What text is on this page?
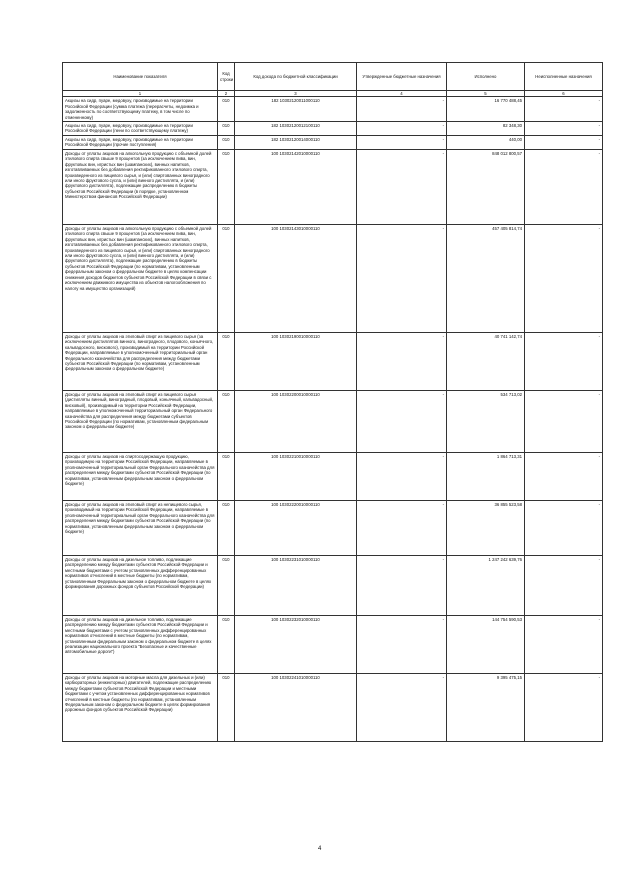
Наименование показателя	Код строки	Код дохода по бюджетной классификации	Утвержденные бюджетные назначения	Исполнено	Неисполненные назначения
1	2	3	4	5	6
Акцизы на сидр, пуаре, медовуху, производимые на территории Российской Федерации (сумма платежа (перерасчеты, недоимка и задолженность по соответствующему платежу, в том числе по отмененному)	010	182 10302120011000110	-	16 770 488,45	-
Акцизы на сидр, пуаре, медовуху, производимые на территории Российской Федерации (пени по соответствующему платежу)	010	182 10302120012100110	-	82 348,30	-
Акцизы на сидр, пуаре, медовуху, производимые на территории Российской Федерации (прочие поступления)	010	182 10302120014000110	-	440,00	-
Доходы от уплаты акцизов на алкогольную продукцию с объемной долей этилового спирта свыше 9 процентов (за исключением пива, вин, фруктовых вин, игристых вин (шампанских), винных напитков, изготавливаемых без добавления ректификованного этилового спирта, произведенного из пищевого сырья, и (или) спиртованных виноградного или иного фруктового сусла, и (или) винного дистиллята, и (или) фруктового дистиллята), подлежащие распределению в бюджеты субъектов Российской Федерации (в порядке, установленном Министерством финансов Российской Федерации)	010	100 10302142010000110	-	848 012 800,57	-
Доходы от уплаты акцизов на алкогольную продукцию с объемной долей этилового спирта свыше 9 процентов (за исключением пива, вин, фруктовых вин, игристых вин (шампанских), винных напитков, изготавливаемых без добавления ректификованного этилового спирта, произведенного из пищевого сырья, и (или) спиртованных виноградного или иного фруктового сусла, и (или) винного дистиллята, и (или) фруктового дистиллята), подлежащие распределению в бюджеты субъектов Российской Федерации (по нормативам, установленным федеральным законом о федеральном бюджете в целях компенсации снижения доходов бюджетов субъектов Российской Федерации в связи с исключением движимого имущества из объектов налогообложения по налогу на имущество организаций)	010	100 10302143010000110	-	457 405 814,74	-
Доходы от уплаты акцизов на этиловый спирт из пищевого сырья (за исключением дистиллятов винного, виноградного, плодового, коньячного, кальвадосного, вискового), производимый на территории Российской Федерации, направляемые в уполномоченный территориальный орган Федерального казначейства для распределения между бюджетами субъектов Российской Федерации (по нормативам, установленным федеральным законом о федеральном бюджете)	010	100 10302190010000110	-	40 741 142,74	-
Доходы от уплаты акцизов на этиловый спирт из пищевого сырья (дистилляты винный, виноградный, плодовый, коньячный, кальвадосный, висковый), производимый на территории Российской Федерации, направляемые в уполномоченный территориальный орган Федерального казначейства для распределения между бюджетами субъектов Российской Федерации (по нормативам, установленным федеральным законом о федеральном бюджете)	010	100 10302200010000110	-	534 713,02	-
Доходы от уплаты акцизов на спиртосодержащую продукцию, производимую на территории Российской Федерации, направляемые в уполномоченный территориальный орган Федерального казначейства для распределения между бюджетами субъектов Российской Федерации (по нормативам, установленным федеральным законом о федеральном бюджете)	010	100 10302210010000110	-	1 864 713,31	-
Доходы от уплаты акцизов на этиловый спирт из непищевого сырья, производимый на территории Российской Федерации, направляемые в уполномоченный территориальный орган Федерального казначейства для распределения между бюджетами субъектов Российской Федерации (по нормативам, установленным федеральным законом о федеральном бюджете)	010	100 10302220010000110	-	36 855 523,58	-
Доходы от уплаты акцизов на дизельное топливо, подлежащие распределению между бюджетами субъектов Российской Федерации и местными бюджетами с учетом установленных дифференцированных нормативов отчислений в местные бюджеты (по нормативам, установленным Федеральным законом о федеральном бюджете в целях формирования дорожных фондов субъектов Российской Федерации)	010	100 10302231010000110	-	1 247 242 639,76	-
Доходы от уплаты акцизов на дизельное топливо, подлежащие распределению между бюджетами субъектов Российской Федерации и местными бюджетами с учетом установленных дифференцированных нормативов отчислений в местные бюджеты (по нормативам, установленным федеральным законом о федеральном бюджете в целях реализации национального проекта "Безопасные и качественные автомобильные дороги")	010	100 10302232010000110	-	144 754 590,53	-
Доходы от уплаты акцизов на моторные масла для дизельных и (или) карбюраторных (инжекторных) двигателей, подлежащие распределению между бюджетами субъектов Российской Федерации и местными бюджетами с учетом установленных дифференцированных нормативов отчислений в местные бюджеты (по нормативам, установленным Федеральным законом о федеральном бюджете в целях формирования дорожных фондов субъектов Российской Федерации)	010	100 10302241010000110	-	9 395 475,15	-
4
